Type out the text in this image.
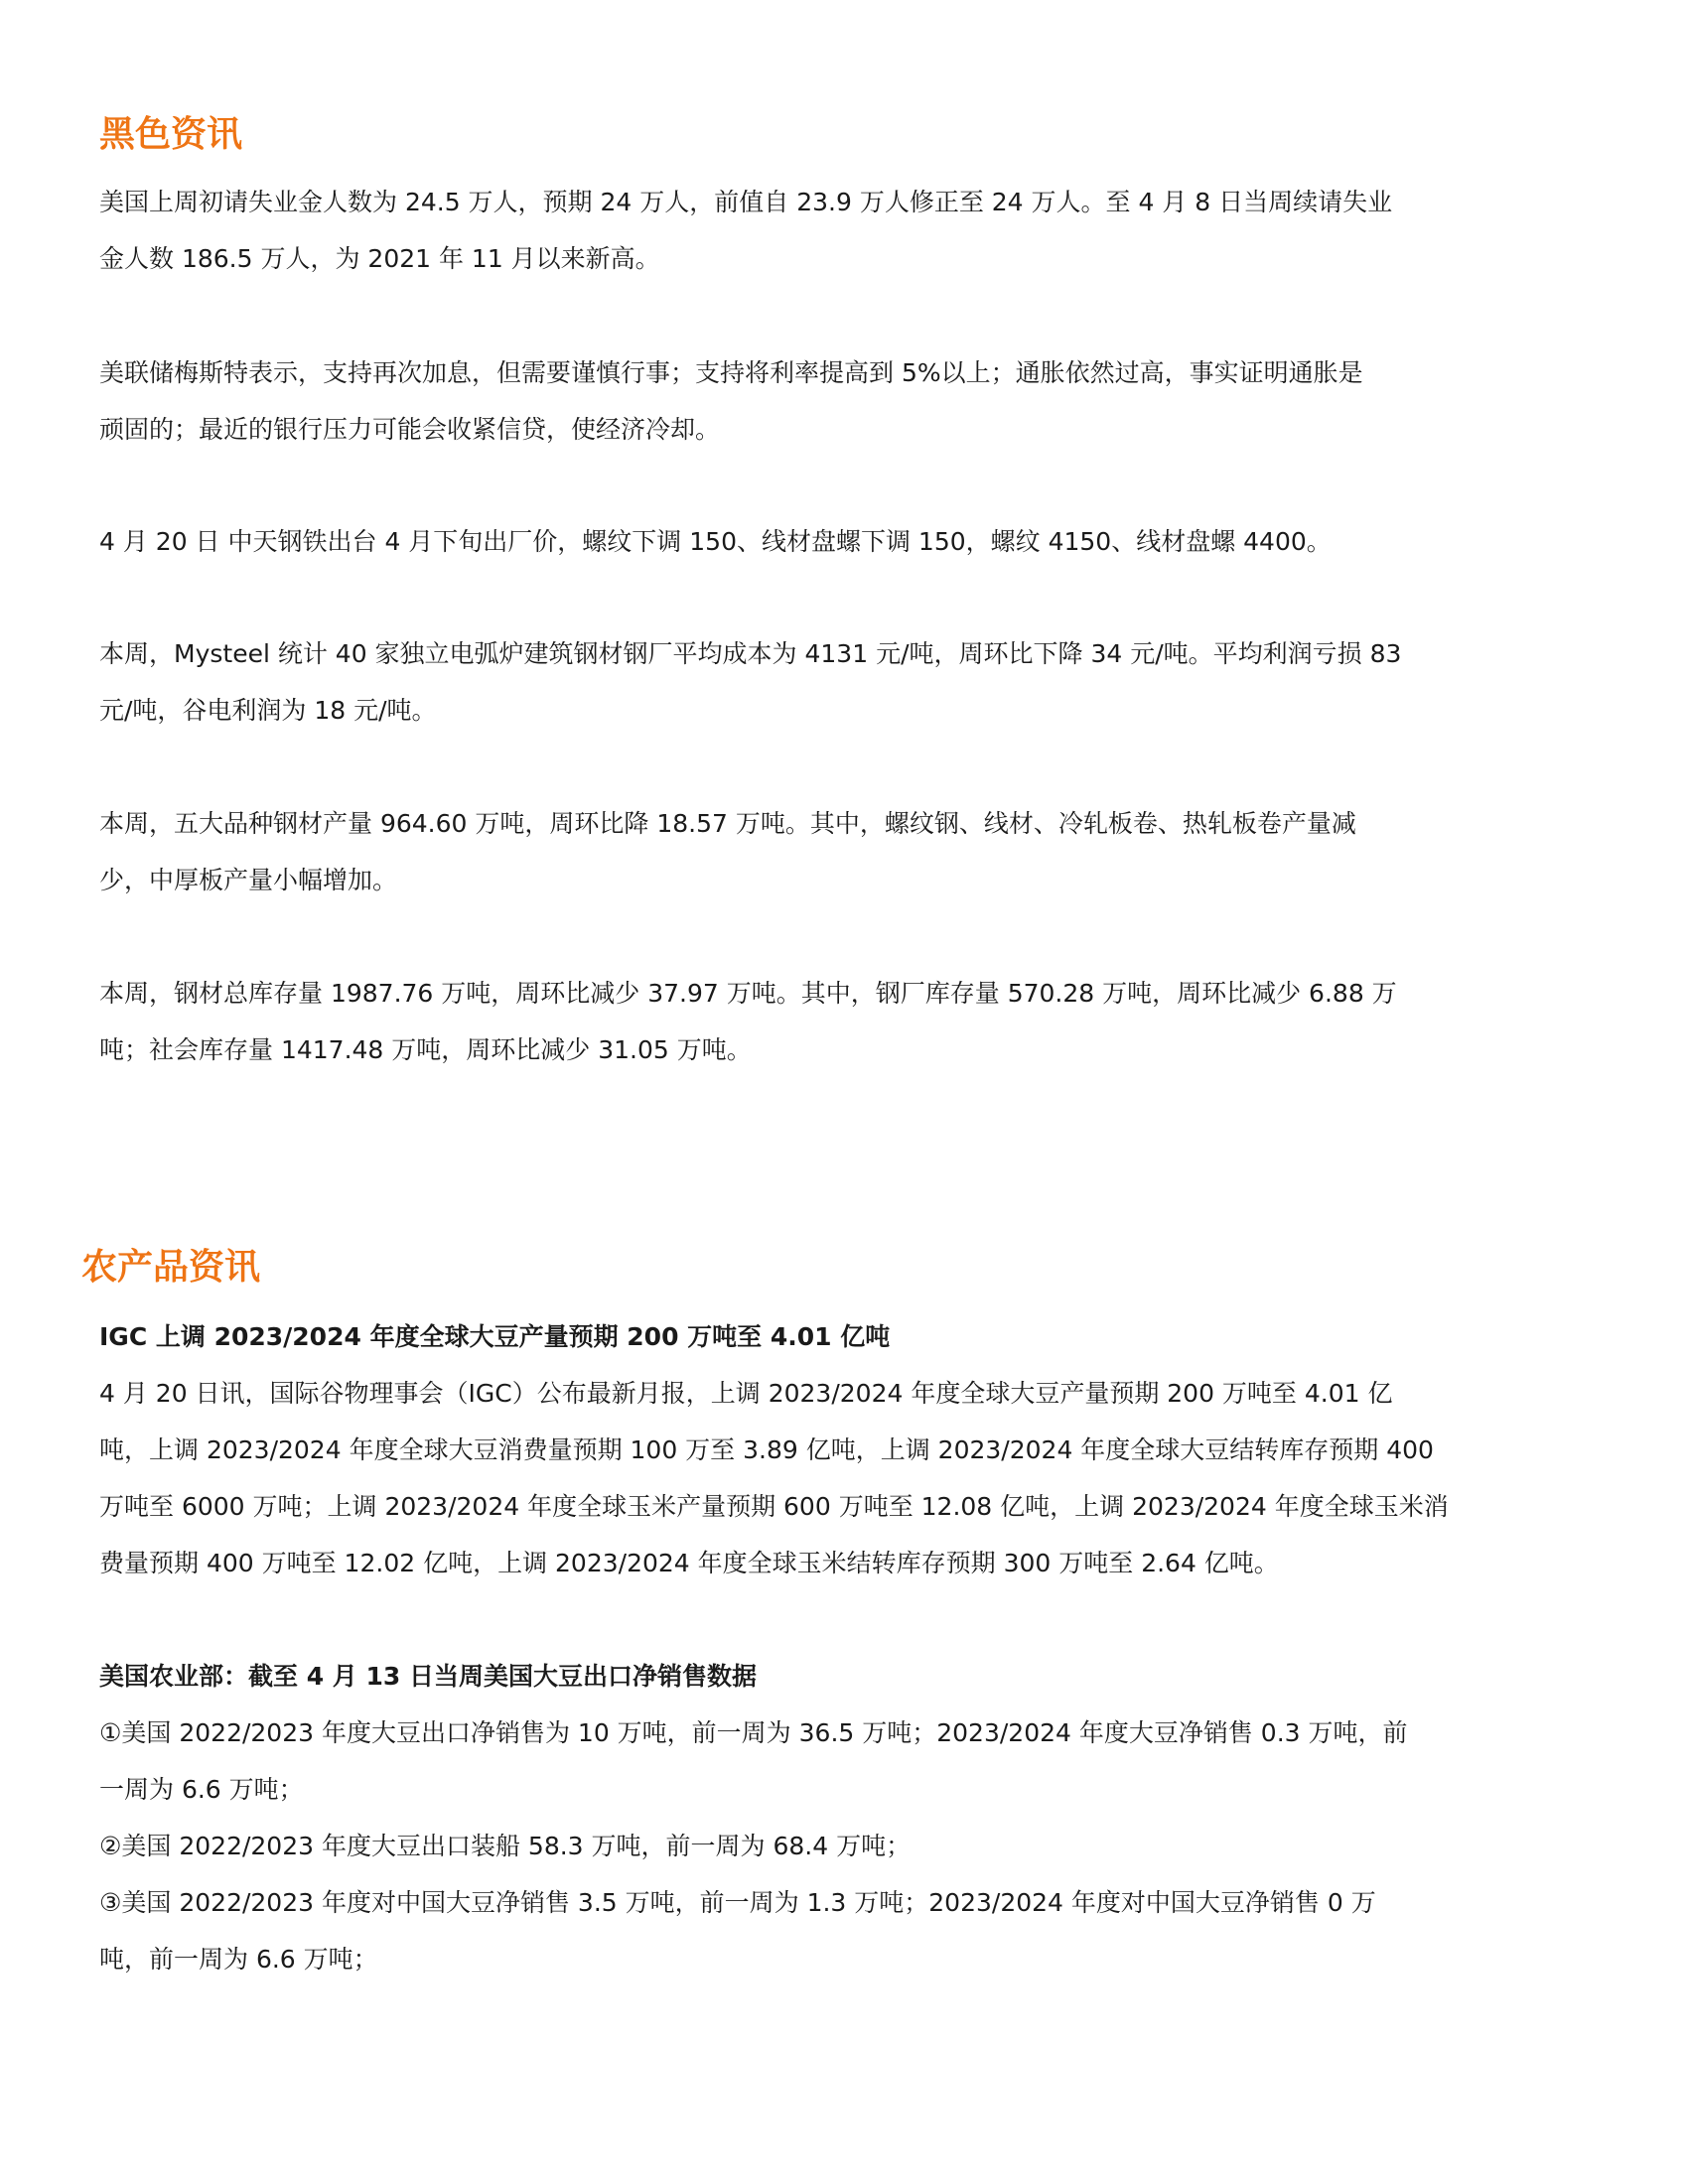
黑色资讯

美国上周初请失业金人数为 24.5 万人，预期 24 万人，前值自 23.9 万人修正至 24 万人。至 4 月 8 日当周续请失业
金人数 186.5 万人，为 2021 年 11 月以来新高。

美联储梅斯特表示，支持再次加息，但需要谨慎行事；支持将利率提高到 5%以上；通胀依然过高，事实证明通胀是
顽固的；最近的银行压力可能会收紧信贷，使经济冷却。

4 月 20 日 中天钢铁出台 4 月下旬出厂价，螺纹下调 150、线材盘螺下调 150，螺纹 4150、线材盘螺 4400。

本周，Mysteel 统计 40 家独立电弧炉建筑钢材钢厂平均成本为 4131 元/吨，周环比下降 34 元/吨。平均利润亏损 83
元/吨，谷电利润为 18 元/吨。

本周，五大品种钢材产量 964.60 万吨，周环比降 18.57 万吨。其中，螺纹钢、线材、冷轧板卷、热轧板卷产量减
少，中厚板产量小幅增加。

本周，钢材总库存量 1987.76 万吨，周环比减少 37.97 万吨。其中，钢厂库存量 570.28 万吨，周环比减少 6.88 万
吨；社会库存量 1417.48 万吨，周环比减少 31.05 万吨。

农产品资讯

IGC 上调 2023/2024 年度全球大豆产量预期 200 万吨至 4.01 亿吨

4 月 20 日讯，国际谷物理事会（IGC）公布最新月报，上调 2023/2024 年度全球大豆产量预期 200 万吨至 4.01 亿
吨，上调 2023/2024 年度全球大豆消费量预期 100 万至 3.89 亿吨，上调 2023/2024 年度全球大豆结转库存预期 400
万吨至 6000 万吨；上调 2023/2024 年度全球玉米产量预期 600 万吨至 12.08 亿吨，上调 2023/2024 年度全球玉米消
费量预期 400 万吨至 12.02 亿吨，上调 2023/2024 年度全球玉米结转库存预期 300 万吨至 2.64 亿吨。

美国农业部：截至 4 月 13 日当周美国大豆出口净销售数据

①美国 2022/2023 年度大豆出口净销售为 10 万吨，前一周为 36.5 万吨；2023/2024 年度大豆净销售 0.3 万吨，前
一周为 6.6 万吨；
②美国 2022/2023 年度大豆出口装船 58.3 万吨，前一周为 68.4 万吨；
③美国 2022/2023 年度对中国大豆净销售 3.5 万吨，前一周为 1.3 万吨；2023/2024 年度对中国大豆净销售 0 万
吨，前一周为 6.6 万吨；
